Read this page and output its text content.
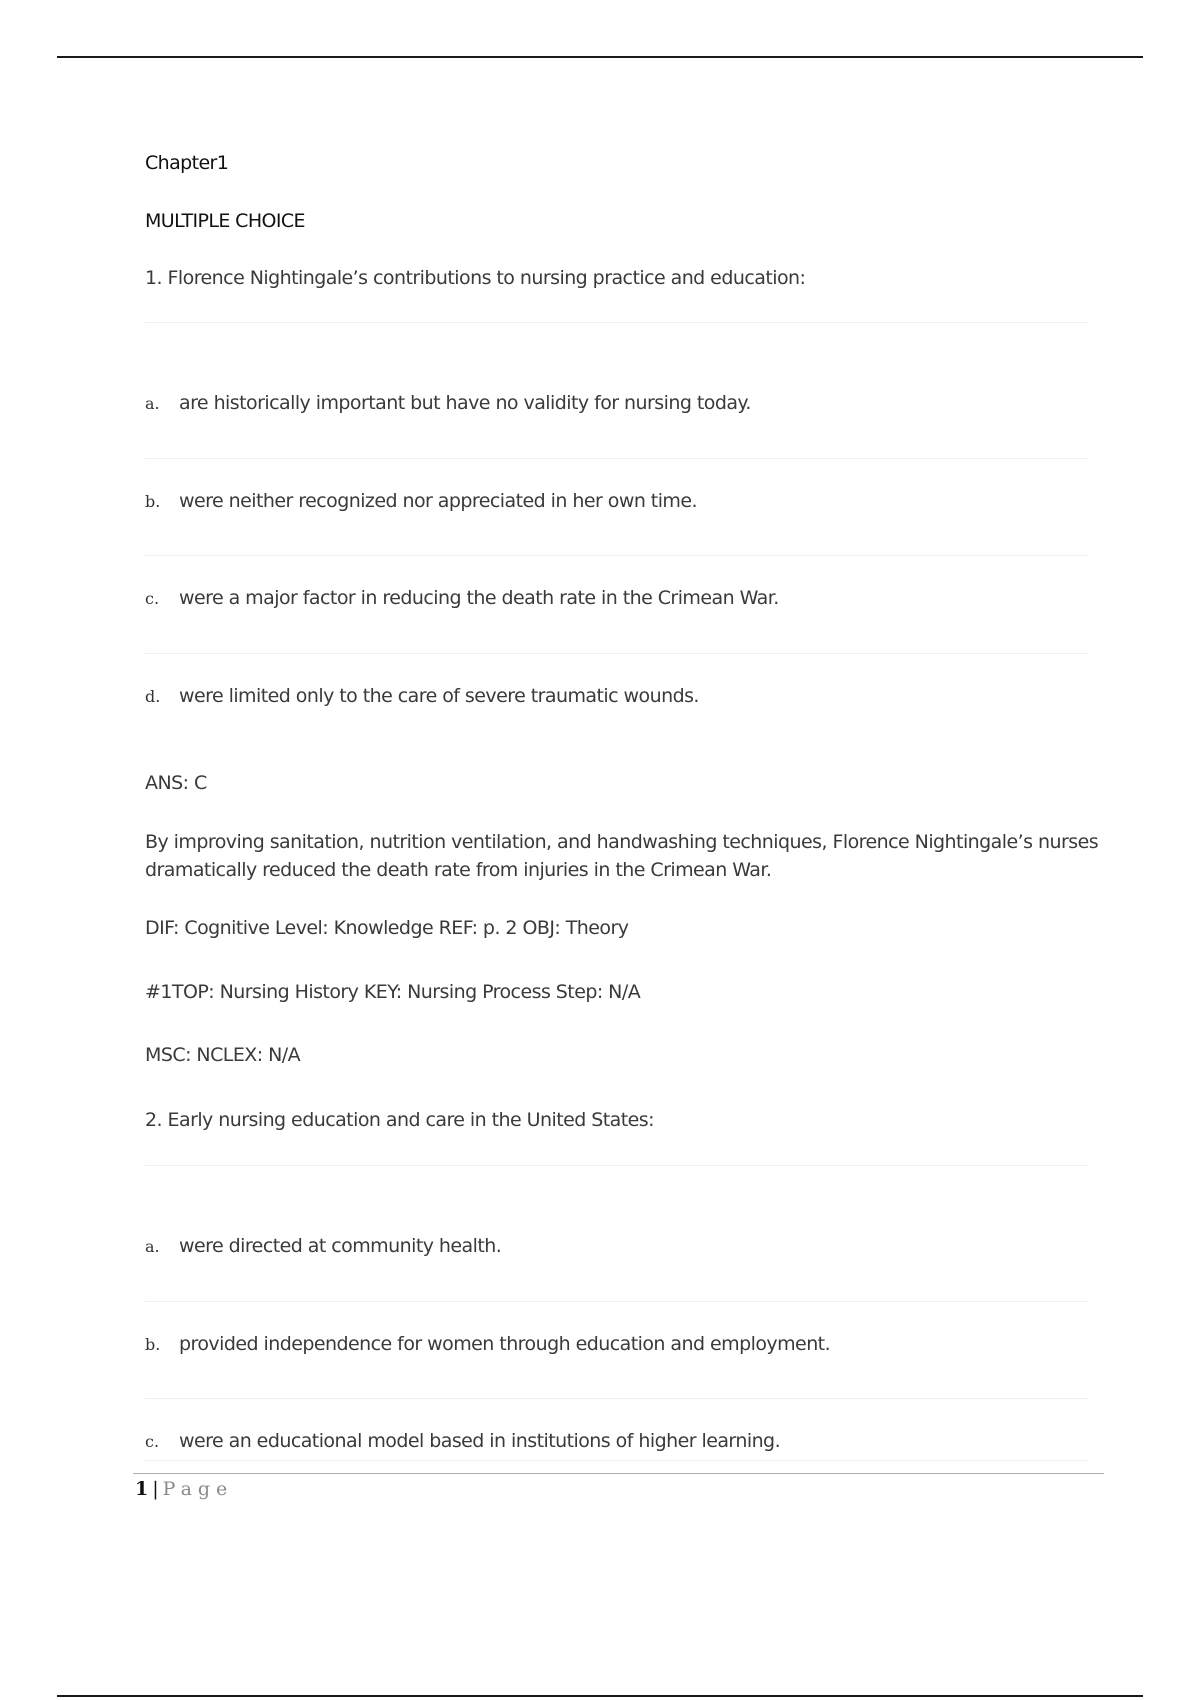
Chapter1
MULTIPLE CHOICE
1. Florence Nightingale’s contributions to nursing practice and education:
a. are historically important but have no validity for nursing today.
b. were neither recognized nor appreciated in her own time.
c. were a major factor in reducing the death rate in the Crimean War.
d. were limited only to the care of severe traumatic wounds.
ANS: C
By improving sanitation, nutrition ventilation, and handwashing techniques, Florence Nightingale’s nurses dramatically reduced the death rate from injuries in the Crimean War.
DIF: Cognitive Level: Knowledge REF: p. 2 OBJ: Theory
#1TOP: Nursing History KEY: Nursing Process Step: N/A
MSC: NCLEX: N/A
2. Early nursing education and care in the United States:
a. were directed at community health.
b. provided independence for women through education and employment.
c. were an educational model based in institutions of higher learning.
1 | Page
